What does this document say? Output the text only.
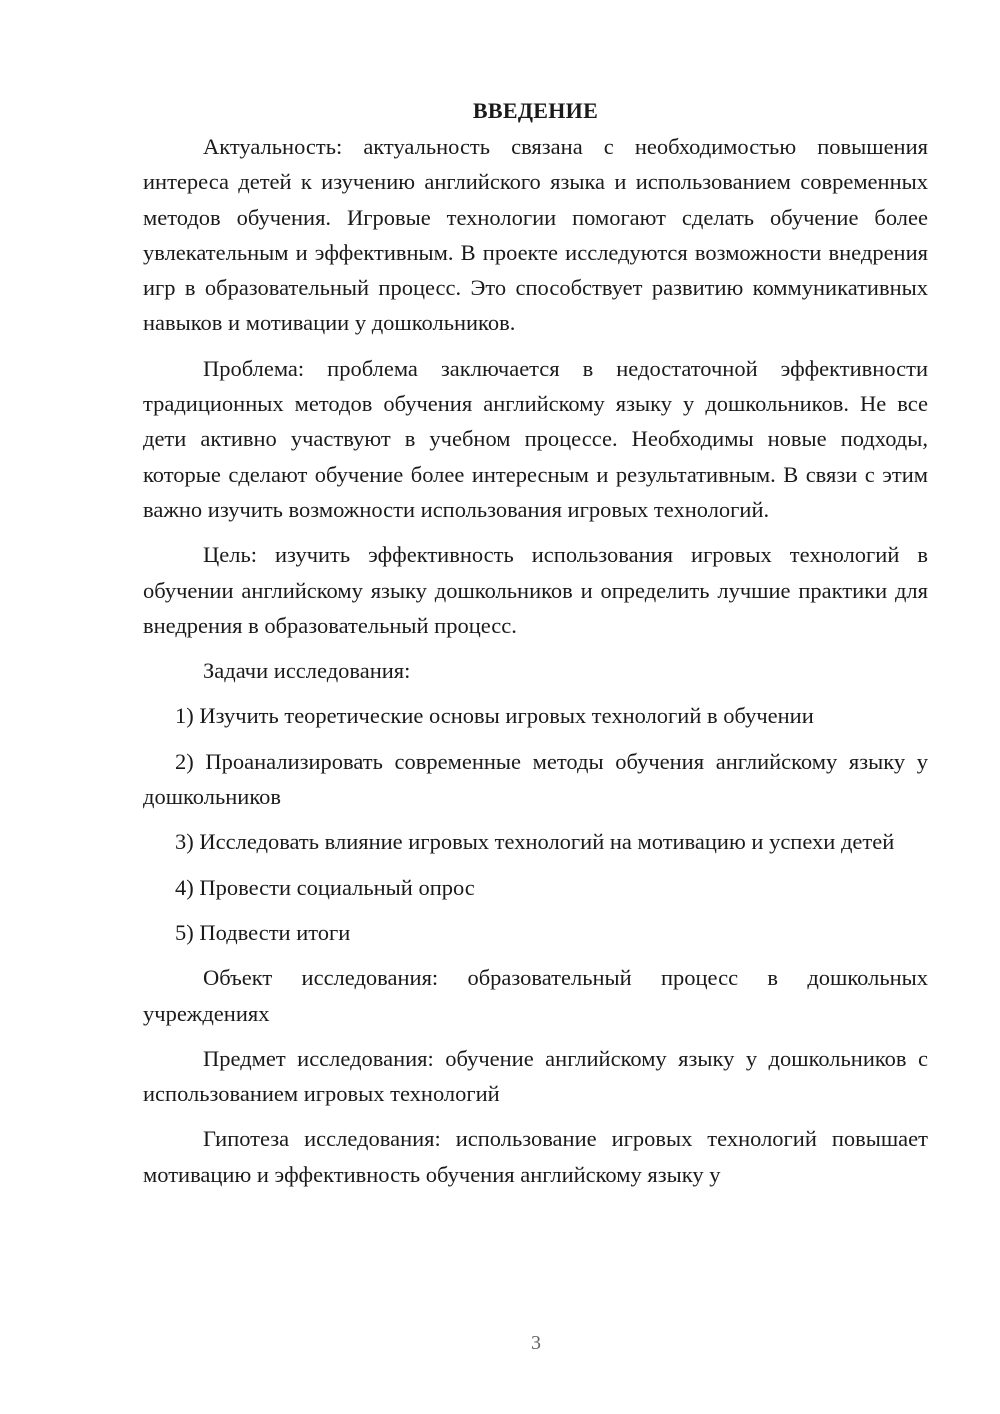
ВВЕДЕНИЕ

Актуальность: актуальность связана с необходимостью повышения интереса детей к изучению английского языка и использованием современных методов обучения. Игровые технологии помогают сделать обучение более увлекательным и эффективным. В проекте исследуются возможности внедрения игр в образовательный процесс. Это способствует развитию коммуникативных навыков и мотивации у дошкольников.

Проблема: проблема заключается в недостаточной эффективности традиционных методов обучения английскому языку у дошкольников. Не все дети активно участвуют в учебном процессе. Необходимы новые подходы, которые сделают обучение более интересным и результативным. В связи с этим важно изучить возможности использования игровых технологий.

Цель: изучить эффективность использования игровых технологий в обучении английскому языку дошкольников и определить лучшие практики для внедрения в образовательный процесс.

Задачи исследования:

1) Изучить теоретические основы игровых технологий в обучении

2) Проанализировать современные методы обучения английскому языку у дошкольников

3) Исследовать влияние игровых технологий на мотивацию и успехи детей

4) Провести социальный опрос

5) Подвести итоги

Объект исследования: образовательный процесс в дошкольных учреждениях

Предмет исследования: обучение английскому языку у дошкольников с использованием игровых технологий

Гипотеза исследования: использование игровых технологий повышает мотивацию и эффективность обучения английскому языку у

3
